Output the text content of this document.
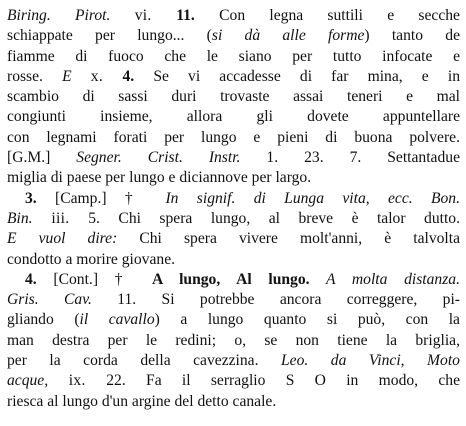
Biring. Pirot. vi. 11. Con legna suttili e secche
schiappate per lungo... (si dà alle forme) tanto de
fiamme di fuoco che le siano per tutto infocate e
rosse. E x. 4. Se vi accadesse di far mina, e in
scambio di sassi duri trovaste assai teneri e mal
congiunti insieme, allora gli dovete appuntellare
con legnami forati per lungo e pieni di buona polvere.
[G.M.] Segner. Crist. Instr. 1. 23. 7. Settantadue
miglia di paese per lungo e diciannove per largo.
3. [Camp.] † In signif. di Lunga vita, ecc. Bon.
Bin. iii. 5. Chi spera lungo, al breve è talor dutto.
E vuol dire: Chi spera vivere molt'anni, è talvolta
condotto a morire giovane.
4. [Cont.] † A lungo, Al lungo. A molta distanza.
Gris. Cav. 11. Si potrebbe ancora correggere, pi-
gliando (il cavallo) a lungo quanto si può, con la
man destra per le redini; o, se non tiene la briglia,
per la corda della cavezzina. Leo. da Vinci, Moto
acque, ix. 22. Fa il serraglio S O in modo, che
riesca al lungo d'un argine del detto canale.
